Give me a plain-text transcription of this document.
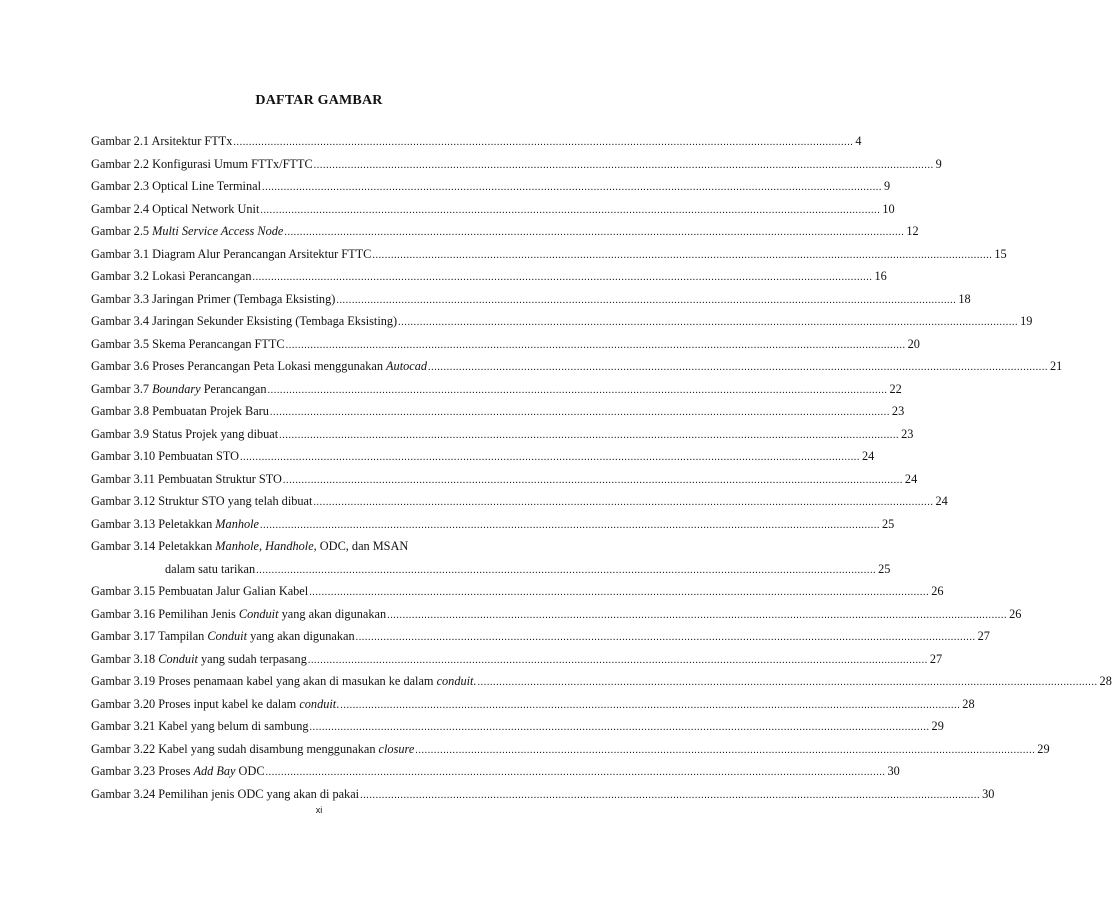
DAFTAR GAMBAR
Gambar 2.1 Arsitektur FTTx ........................................................................................................................................................................................................ 4
Gambar 2.2 Konfigurasi Umum FTTx/FTTC ........................................................................................................................................................................................................ 9
Gambar 2.3 Optical Line Terminal ........................................................................................................................................................................................................ 9
Gambar 2.4 Optical Network Unit ........................................................................................................................................................................................................ 10
Gambar 2.5 Multi Service Access Node ........................................................................................................................................................................................................ 12
Gambar 3.1 Diagram Alur Perancangan Arsitektur FTTC ........................................................................................................................................................................................................ 15
Gambar 3.2 Lokasi Perancangan ........................................................................................................................................................................................................ 16
Gambar 3.3 Jaringan Primer (Tembaga Eksisting) ........................................................................................................................................................................................................ 18
Gambar 3.4 Jaringan Sekunder Eksisting (Tembaga Eksisting) ........................................................................................................................................................................................................ 19
Gambar 3.5 Skema Perancangan FTTC ........................................................................................................................................................................................................ 20
Gambar 3.6 Proses Perancangan Peta Lokasi menggunakan Autocad ........................................................................................................................................................................................................ 21
Gambar 3.7 Boundary Perancangan ........................................................................................................................................................................................................ 22
Gambar 3.8 Pembuatan Projek Baru ........................................................................................................................................................................................................ 23
Gambar 3.9 Status Projek yang dibuat ........................................................................................................................................................................................................ 23
Gambar 3.10 Pembuatan STO ........................................................................................................................................................................................................ 24
Gambar 3.11 Pembuatan Struktur STO ........................................................................................................................................................................................................ 24
Gambar 3.12 Struktur STO yang telah dibuat ........................................................................................................................................................................................................ 24
Gambar 3.13 Peletakkan Manhole ........................................................................................................................................................................................................ 25
Gambar 3.14 Peletakkan Manhole, Handhole, ODC, dan MSAN
dalam satu tarikan ........................................................................................................................................................................................................ 25
Gambar 3.15 Pembuatan Jalur Galian Kabel ........................................................................................................................................................................................................ 26
Gambar 3.16 Pemilihan Jenis Conduit yang akan digunakan ........................................................................................................................................................................................................ 26
Gambar 3.17 Tampilan Conduit yang akan digunakan ........................................................................................................................................................................................................ 27
Gambar 3.18 Conduit yang sudah terpasang ........................................................................................................................................................................................................ 27
Gambar 3.19 Proses penamaan kabel yang akan di masukan ke dalam conduit. ........................................................................................................................................................................................................ 28
Gambar 3.20 Proses input kabel ke dalam conduit. ........................................................................................................................................................................................................ 28
Gambar 3.21 Kabel yang belum di sambung ........................................................................................................................................................................................................ 29
Gambar 3.22 Kabel yang sudah disambung menggunakan closure ........................................................................................................................................................................................................ 29
Gambar 3.23 Proses Add Bay ODC ........................................................................................................................................................................................................ 30
Gambar 3.24 Pemilihan jenis ODC yang akan di pakai ........................................................................................................................................................................................................ 30
xi
